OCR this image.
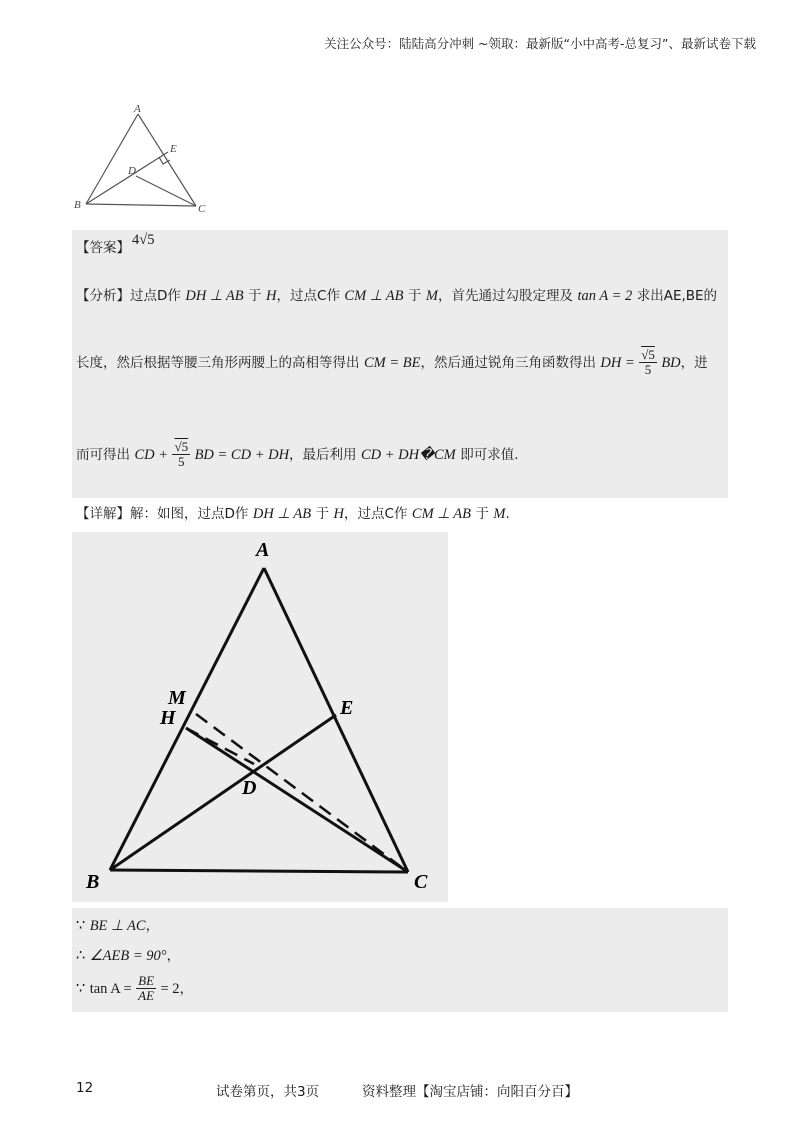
关注公众号：陆陆高分冲刺 ~领取：最新版“小中高考-总复习”、最新试卷下载
A
E
D
B	C
【答案】 4√5
【分析】过点D作 DH ⊥ AB 于 H，过点C作 CM ⊥ AB 于 M，首先通过勾股定理及 tan A = 2 求出AE,BE的
长度，然后根据等腰三角形两腰上的高相等得出 CM = BE，然后通过锐角三角函数得出 DH = $\frac{√5}{5}$ BD，进
而可得出 CD + $\frac{√5}{5}$ BD = CD + DH，最后利用 CD + DH�CM 即可求值.
【详解】解：如图，过点D作 DH ⊥ AB 于 H，过点C作 CM ⊥ AB 于 M.
A
M
H	E
D
B	C
∵ BE ⊥ AC，
∴ ∠AEB = 90°，
∵ $\tan A = \frac{BE}{AE} = 2$，
12	试卷第页，共3页          资料整理【淘宝店铺：向阳百分百】
